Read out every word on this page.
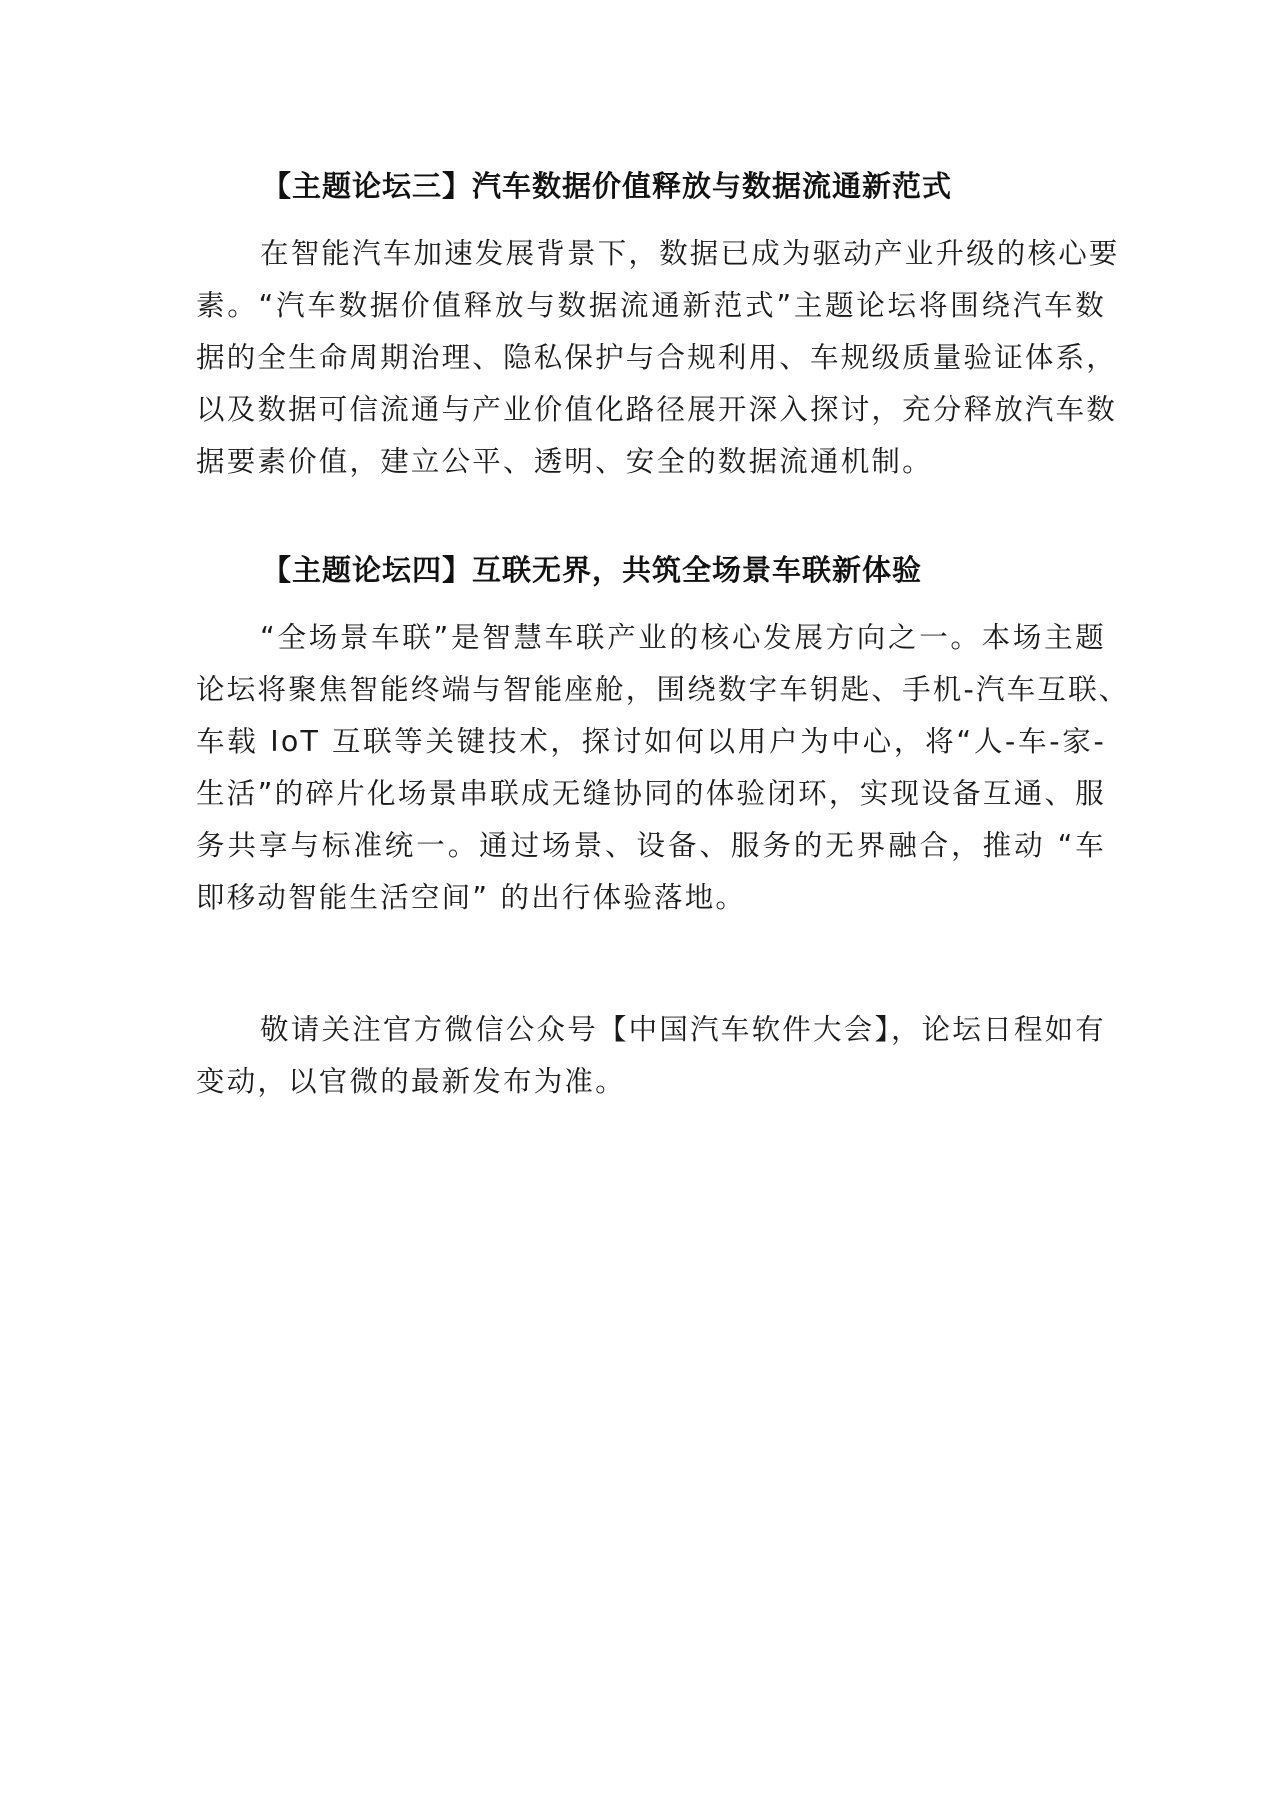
【主题论坛三】汽车数据价值释放与数据流通新范式
在智能汽车加速发展背景下，数据已成为驱动产业升级的核心要
素。“汽车数据价值释放与数据流通新范式”主题论坛将围绕汽车数
据的全生命周期治理、隐私保护与合规利用、车规级质量验证体系，
以及数据可信流通与产业价值化路径展开深入探讨，充分释放汽车数
据要素价值，建立公平、透明、安全的数据流通机制。
【主题论坛四】互联无界，共筑全场景车联新体验
“全场景车联”是智慧车联产业的核心发展方向之一。本场主题
论坛将聚焦智能终端与智能座舱，围绕数字车钥匙、手机-汽车互联、
车载 IoT 互联等关键技术，探讨如何以用户为中心，将“人-车-家-
生活”的碎片化场景串联成无缝协同的体验闭环，实现设备互通、服
务共享与标准统一。通过场景、设备、服务的无界融合，推动 “车
即移动智能生活空间” 的出行体验落地。
敬请关注官方微信公众号【中国汽车软件大会】，论坛日程如有
变动，以官微的最新发布为准。
